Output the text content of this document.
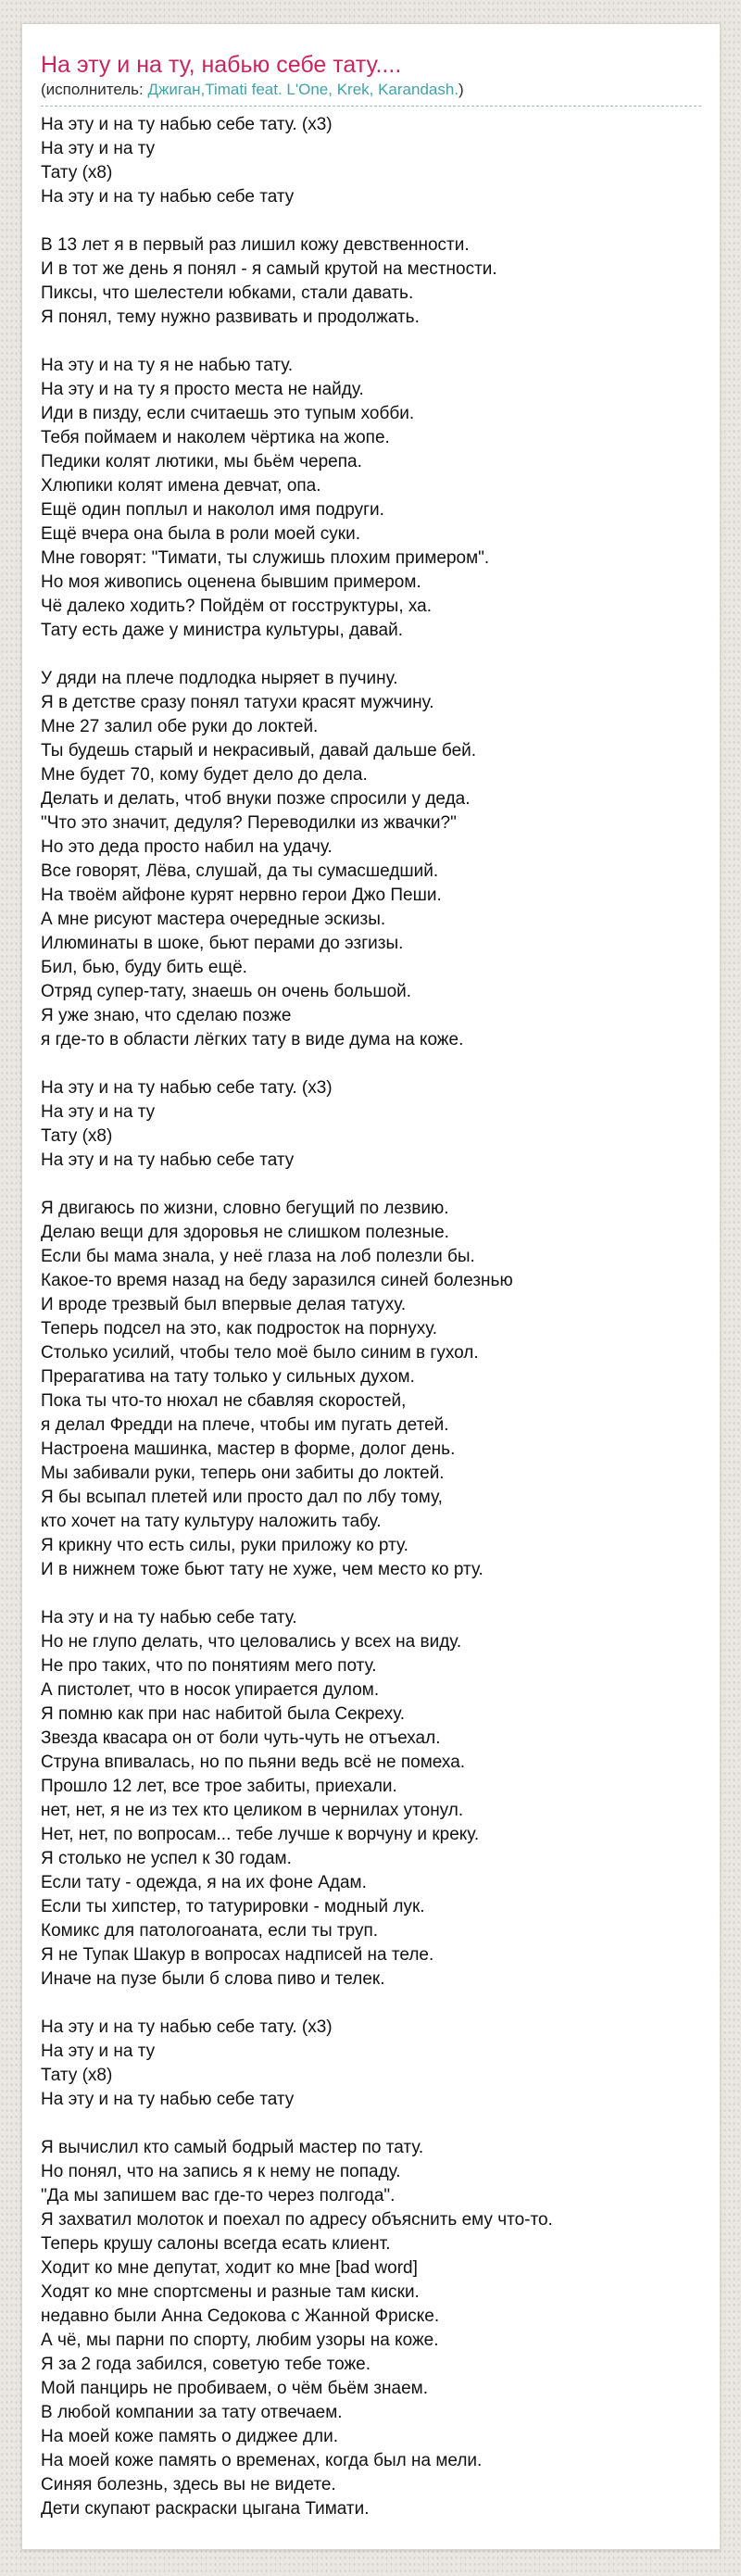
На эту и на ту, набью себе тату....
(исполнитель: Джиган,Timati feat. L'One, Krek, Karandash.)

На эту и на ту набью себе тату. (х3)
На эту и на ту
Тату (х8)
На эту и на ту набью себе тату

В 13 лет я в первый раз лишил кожу девственности.
И в тот же день я понял - я самый крутой на местности.
Пиксы, что шелестели юбками, стали давать.
Я понял, тему нужно развивать и продолжать.

На эту и на ту я не набью тату.
На эту и на ту я просто места не найду.
Иди в пизду, если считаешь это тупым хобби.
Тебя поймаем и наколем чёртика на жопе.
Педики колят лютики, мы бьём черепа.
Хлюпики колят имена девчат, опа.
Ещё один поплыл и наколол имя подруги.
Ещё вчера она была в роли моей суки.
Мне говорят: "Тимати, ты служишь плохим примером".
Но моя живопись оценена бывшим примером.
Чё далеко ходить? Пойдём от госструктуры, ха.
Тату есть даже у министра культуры, давай.

У дяди на плече подлодка ныряет в пучину.
Я в детстве сразу понял татухи красят мужчину.
Мне 27 залил обе руки до локтей.
Ты будешь старый и некрасивый, давай дальше бей.
Мне будет 70, кому будет дело до дела.
Делать и делать, чтоб внуки позже спросили у деда.
"Что это значит, дедуля? Переводилки из жвачки?"
Но это деда просто набил на удачу.
Все говорят, Лёва, слушай, да ты сумасшедший.
На твоём айфоне курят нервно герои Джо Пеши.
А мне рисуют мастера очередные эскизы.
Илюминаты в шоке, бьют перами до эзгизы.
Бил, бью, буду бить ещё.
Отряд супер-тату, знаешь он очень большой.
Я уже знаю, что сделаю позже
я где-то в области лёгких тату в виде дума на коже.

На эту и на ту набью себе тату. (х3)
На эту и на ту
Тату (х8)
На эту и на ту набью себе тату

Я двигаюсь по жизни, словно бегущий по лезвию.
Делаю вещи для здоровья не слишком полезные.
Если бы мама знала, у неё глаза на лоб полезли бы.
Какое-то время назад на беду заразился синей болезнью
И вроде трезвый был впервые делая татуху.
Теперь подсел на это, как подросток на порнуху.
Столько усилий, чтобы тело моё было синим в гухол.
Прерагатива на тату только у сильных духом.
Пока ты что-то нюхал не сбавляя скоростей,
я делал Фредди на плече, чтобы им пугать детей.
Настроена машинка, мастер в форме, долог день.
Мы забивали руки, теперь они забиты до локтей.
Я бы всыпал плетей или просто дал по лбу тому,
кто хочет на тату культуру наложить табу.
Я крикну что есть силы, руки приложу ко рту.
И в нижнем тоже бьют тату не хуже, чем место ко рту.

На эту и на ту набью себе тату.
Но не глупо делать, что целовались у всех на виду.
Не про таких, что по понятиям мего поту.
А пистолет, что в носок упирается дулом.
Я помню как при нас набитой была Секреху.
Звезда квасара он от боли чуть-чуть не отъехал.
Струна впивалась, но по пьяни ведь всё не помеха.
Прошло 12 лет, все трое забиты, приехали.
нет, нет, я не из тех кто целиком в чернилах утонул.
Нет, нет, по вопросам... тебе лучше к ворчуну и креку.
Я столько не успел к 30 годам.
Если тату - одежда, я на их фоне Адам.
Если ты хипстер, то татурировки - модный лук.
Комикс для патологоаната, если ты труп.
Я не Тупак Шакур в вопросах надписей на теле.
Иначе на пузе были б слова пиво и телек.

На эту и на ту набью себе тату. (х3)
На эту и на ту
Тату (х8)
На эту и на ту набью себе тату

Я вычислил кто самый бодрый мастер по тату.
Но понял, что на запись я к нему не попаду.
"Да мы запишем вас где-то через полгода".
Я захватил молоток и поехал по адресу объяснить ему что-то.
Теперь крушу салоны всегда есать клиент.
Ходит ко мне депутат, ходит ко мне [bad word]
Ходят ко мне спортсмены и разные там киски.
недавно были Анна Седокова с Жанной Фриске.
А чё, мы парни по спорту, любим узоры на коже.
Я за 2 года забился, советую тебе тоже.
Мой панцирь не пробиваем, о чём бьём знаем.
В любой компании за тату отвечаем.
На моей коже память о диджее дли.
На моей коже память о временах, когда был на мели.
Синяя болезнь, здесь вы не видете.
Дети скупают раскраски цыгана Тимати.
